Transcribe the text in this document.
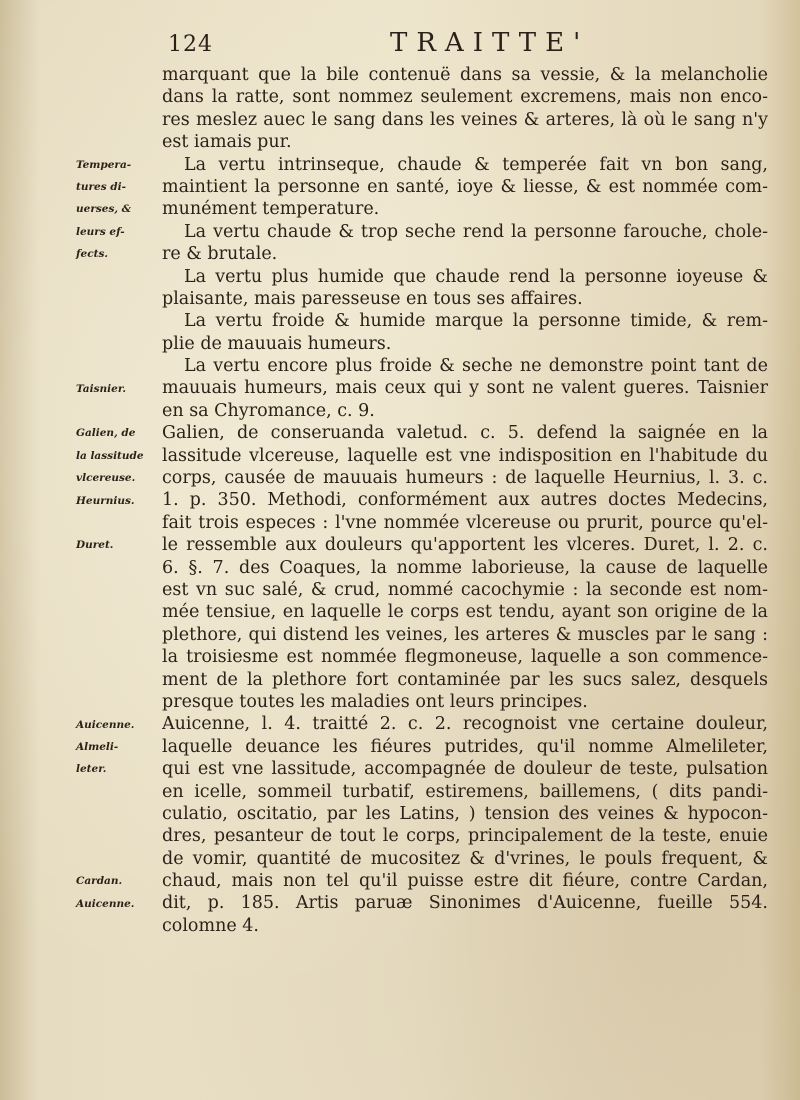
124	TRAITTE'
Tempera-
tures di-
uerses, &
leurs ef-
fects.
Taisnier.
Galien, de
la lassitude
vlcereuse.
Heurnius.
Duret.
Auicenne.
Almeli-
leter.
Cardan.
Auicenne.
marquant que la bile contenuë dans sa vessie, & la melancholie
dans la ratte, sont nommez seulement excremens, mais non enco-
res meslez auec le sang dans les veines & arteres, là où le sang n'y
est iamais pur.
La vertu intrinseque, chaude & temperée fait vn bon sang,
maintient la personne en santé, ioye & liesse, & est nommée com-
munément temperature.
La vertu chaude & trop seche rend la personne farouche, chole-
re & brutale.
La vertu plus humide que chaude rend la personne ioyeuse &
plaisante, mais paresseuse en tous ses affaires.
La vertu froide & humide marque la personne timide, & rem-
plie de mauuais humeurs.
La vertu encore plus froide & seche ne demonstre point tant de
mauuais humeurs, mais ceux qui y sont ne valent gueres. Taisnier
en sa Chyromance, c. 9.
Galien, de conseruanda valetud. c. 5. defend la saignée en la
lassitude vlcereuse, laquelle est vne indisposition en l'habitude du
corps, causée de mauuais humeurs : de laquelle Heurnius, l. 3. c.
1. p. 350. Methodi, conformément aux autres doctes Medecins,
fait trois especes : l'vne nommée vlcereuse ou prurit, pource qu'el-
le ressemble aux douleurs qu'apportent les vlceres. Duret, l. 2. c.
6. §. 7. des Coaques, la nomme laborieuse, la cause de laquelle
est vn suc salé, & crud, nommé cacochymie : la seconde est nom-
mée tensiue, en laquelle le corps est tendu, ayant son origine de la
plethore, qui distend les veines, les arteres & muscles par le sang :
la troisiesme est nommée flegmoneuse, laquelle a son commence-
ment de la plethore fort contaminée par les sucs salez, desquels
presque toutes les maladies ont leurs principes.
Auicenne, l. 4. traitté 2. c. 2. recognoist vne certaine douleur,
laquelle deuance les fiéures putrides, qu'il nomme Almelileter,
qui est vne lassitude, accompagnée de douleur de teste, pulsation
en icelle, sommeil turbatif, estiremens, baillemens, ( dits pandi-
culatio, oscitatio, par les Latins, ) tension des veines & hypocon-
dres, pesanteur de tout le corps, principalement de la teste, enuie
de vomir, quantité de mucositez & d'vrines, le pouls frequent, &
chaud, mais non tel qu'il puisse estre dit fiéure, contre Cardan,
dit, p. 185. Artis paruæ Sinonimes d'Auicenne, fueille 554.
colomne 4.
